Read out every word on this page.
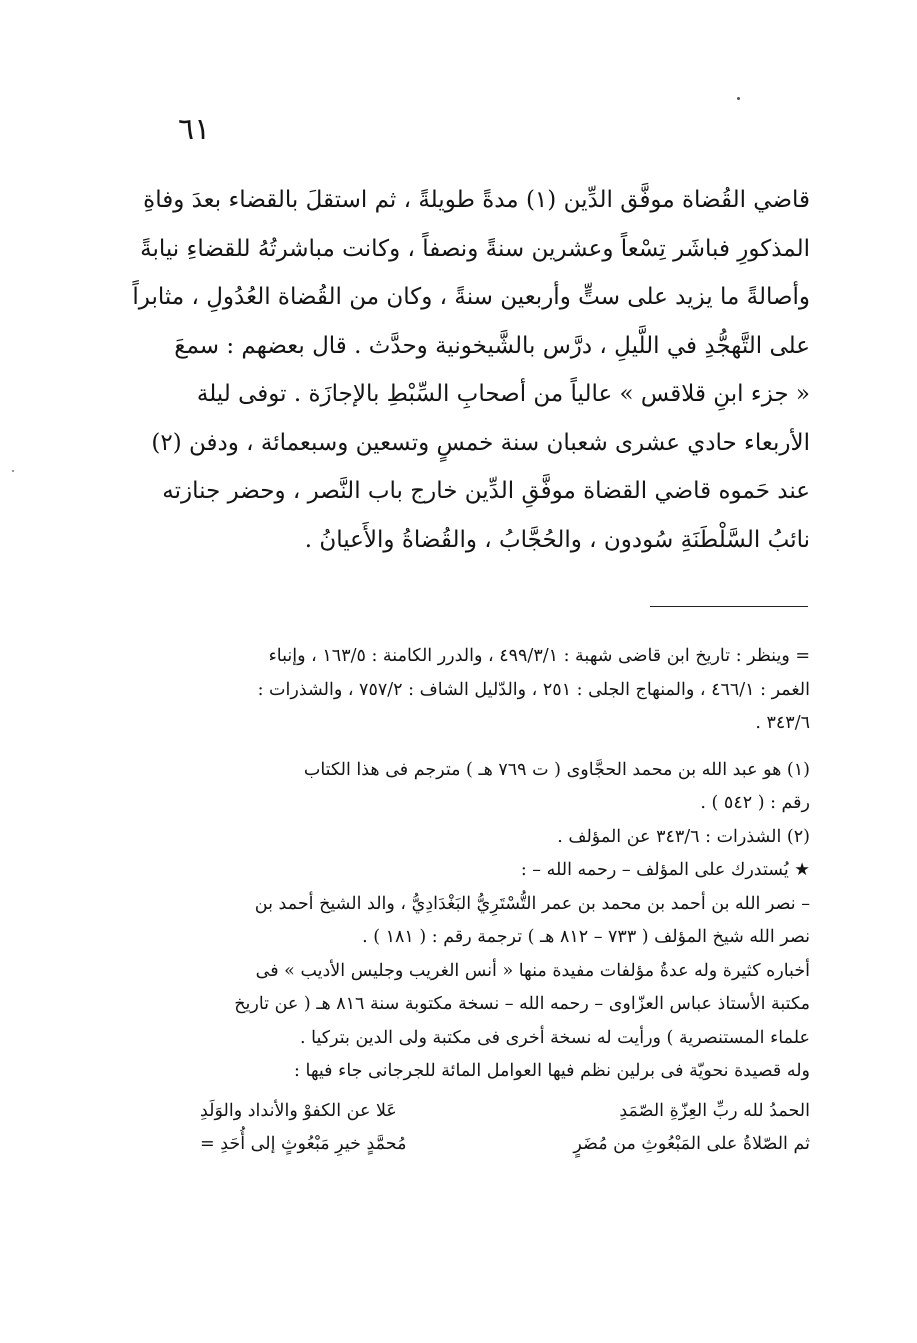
٦١
قاضي القُضاة موفَّق الدِّين (١) مدةً طويلةً ، ثم استقلَ بالقضاء بعدَ وفاةِ
المذكورِ فباشَر تِسْعاً وعشرين سنةً ونصفاً ، وكانت مباشرتُهُ للقضاءِ نيابةً
وأصالةً ما يزيد على ستٍّ وأربعين سنةً ، وكان من القُضاة العُدُولِ ، مثابراً
على التَّهجُّدِ في اللَّيلِ ، درَّس بالشَّيخونية وحدَّث . قال بعضهم : سمعَ
« جزء ابنِ قلاقس » عالياً من أصحابِ السِّبْطِ بالإجازَة . توفى ليلة
الأربعاء حادي عشرى شعبان سنة خمسٍ وتسعين وسبعمائة ، ودفن (٢)
عند حَموه قاضي القضاة موفَّقِ الدِّين خارج باب النَّصر ، وحضر جنازته
نائبُ السَّلْطَنَةِ سُودون ، والحُجَّابُ ، والقُضاةُ والأَعيانُ .
= وينظر : تاريخ ابن قاضى شهبة : ٤٩٩/٣/١ ، والدرر الكامنة : ١٦٣/٥ ، وإنباء
الغمر : ٤٦٦/١ ، والمنهاج الجلى : ٢٥١ ، والدّليل الشاف : ٧٥٧/٢ ، والشذرات :
٣٤٣/٦ .
(١) هو عبد الله بن محمد الحجَّاوى ( ت ٧٦٩ هـ ) مترجم فى هذا الكتاب
رقم : ( ٥٤٢ ) .
(٢) الشذرات : ٣٤٣/٦ عن المؤلف .
★ يُستدرك على المؤلف – رحمه الله – :
– نصر الله بن أحمد بن محمد بن عمر التُّسْتَرِيُّ البَغْدَادِيُّ ، والد الشيخ أحمد بن
نصر الله شيخ المؤلف ( ٧٣٣ – ٨١٢ هـ ) ترجمة رقم : ( ١٨١ ) .
أخباره كثيرة وله عدةُ مؤلفات مفيدة منها « أنس الغريب وجليس الأديب » فى
مكتبة الأستاذ عباس العزّاوى – رحمه الله – نسخة مكتوبة سنة ٨١٦ هـ ( عن تاريخ
علماء المستنصرية ) ورأيت له نسخة أخرى فى مكتبة ولى الدين بتركيا .
وله قصيدة نحويّة فى برلين نظم فيها العوامل المائة للجرجانى جاء فيها :
الحمدُ لله ربِّ العِزّةِ الصّمَدِ
عَلا عن الكفوْ والأنداد والوَلَدِ
ثم الصّلاةُ على المَبْعُوثِ من مُضَرٍ
مُحمَّدٍ خيرِ مَبْعُوثٍ إلى أُحَدِ =
